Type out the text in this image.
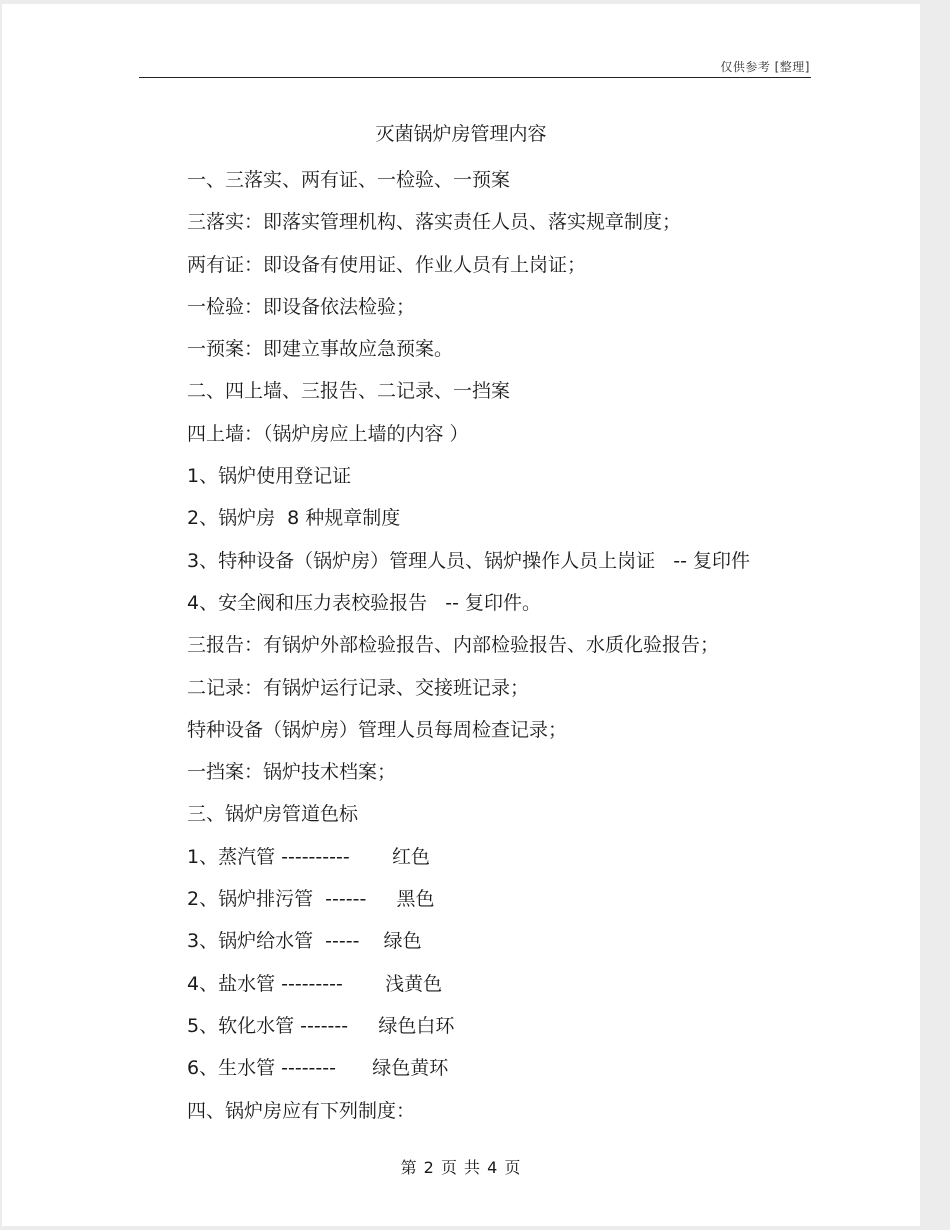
仅供参考 [整理]
灭菌锅炉房管理内容
一、三落实、两有证、一检验、一预案
三落实：即落实管理机构、落实责任人员、落实规章制度；
两有证：即设备有使用证、作业人员有上岗证；
一检验：即设备依法检验；
一预案：即建立事故应急预案。
二、四上墙、三报告、二记录、一挡案
四上墙：（锅炉房应上墙的内容 ）
1、锅炉使用登记证
2、锅炉房  8 种规章制度
3、特种设备（锅炉房）管理人员、锅炉操作人员上岗证   -- 复印件
4、安全阀和压力表校验报告   -- 复印件。
三报告：有锅炉外部检验报告、内部检验报告、水质化验报告；
二记录：有锅炉运行记录、交接班记录；
特种设备（锅炉房）管理人员每周检查记录；
一挡案：锅炉技术档案；
三、锅炉房管道色标
1、蒸汽管 ----------       红色
2、锅炉排污管  ------     黑色
3、锅炉给水管  -----    绿色
4、盐水管 ---------       浅黄色
5、软化水管 -------     绿色白环
6、生水管 --------      绿色黄环
四、锅炉房应有下列制度：
第 2 页 共 4 页
